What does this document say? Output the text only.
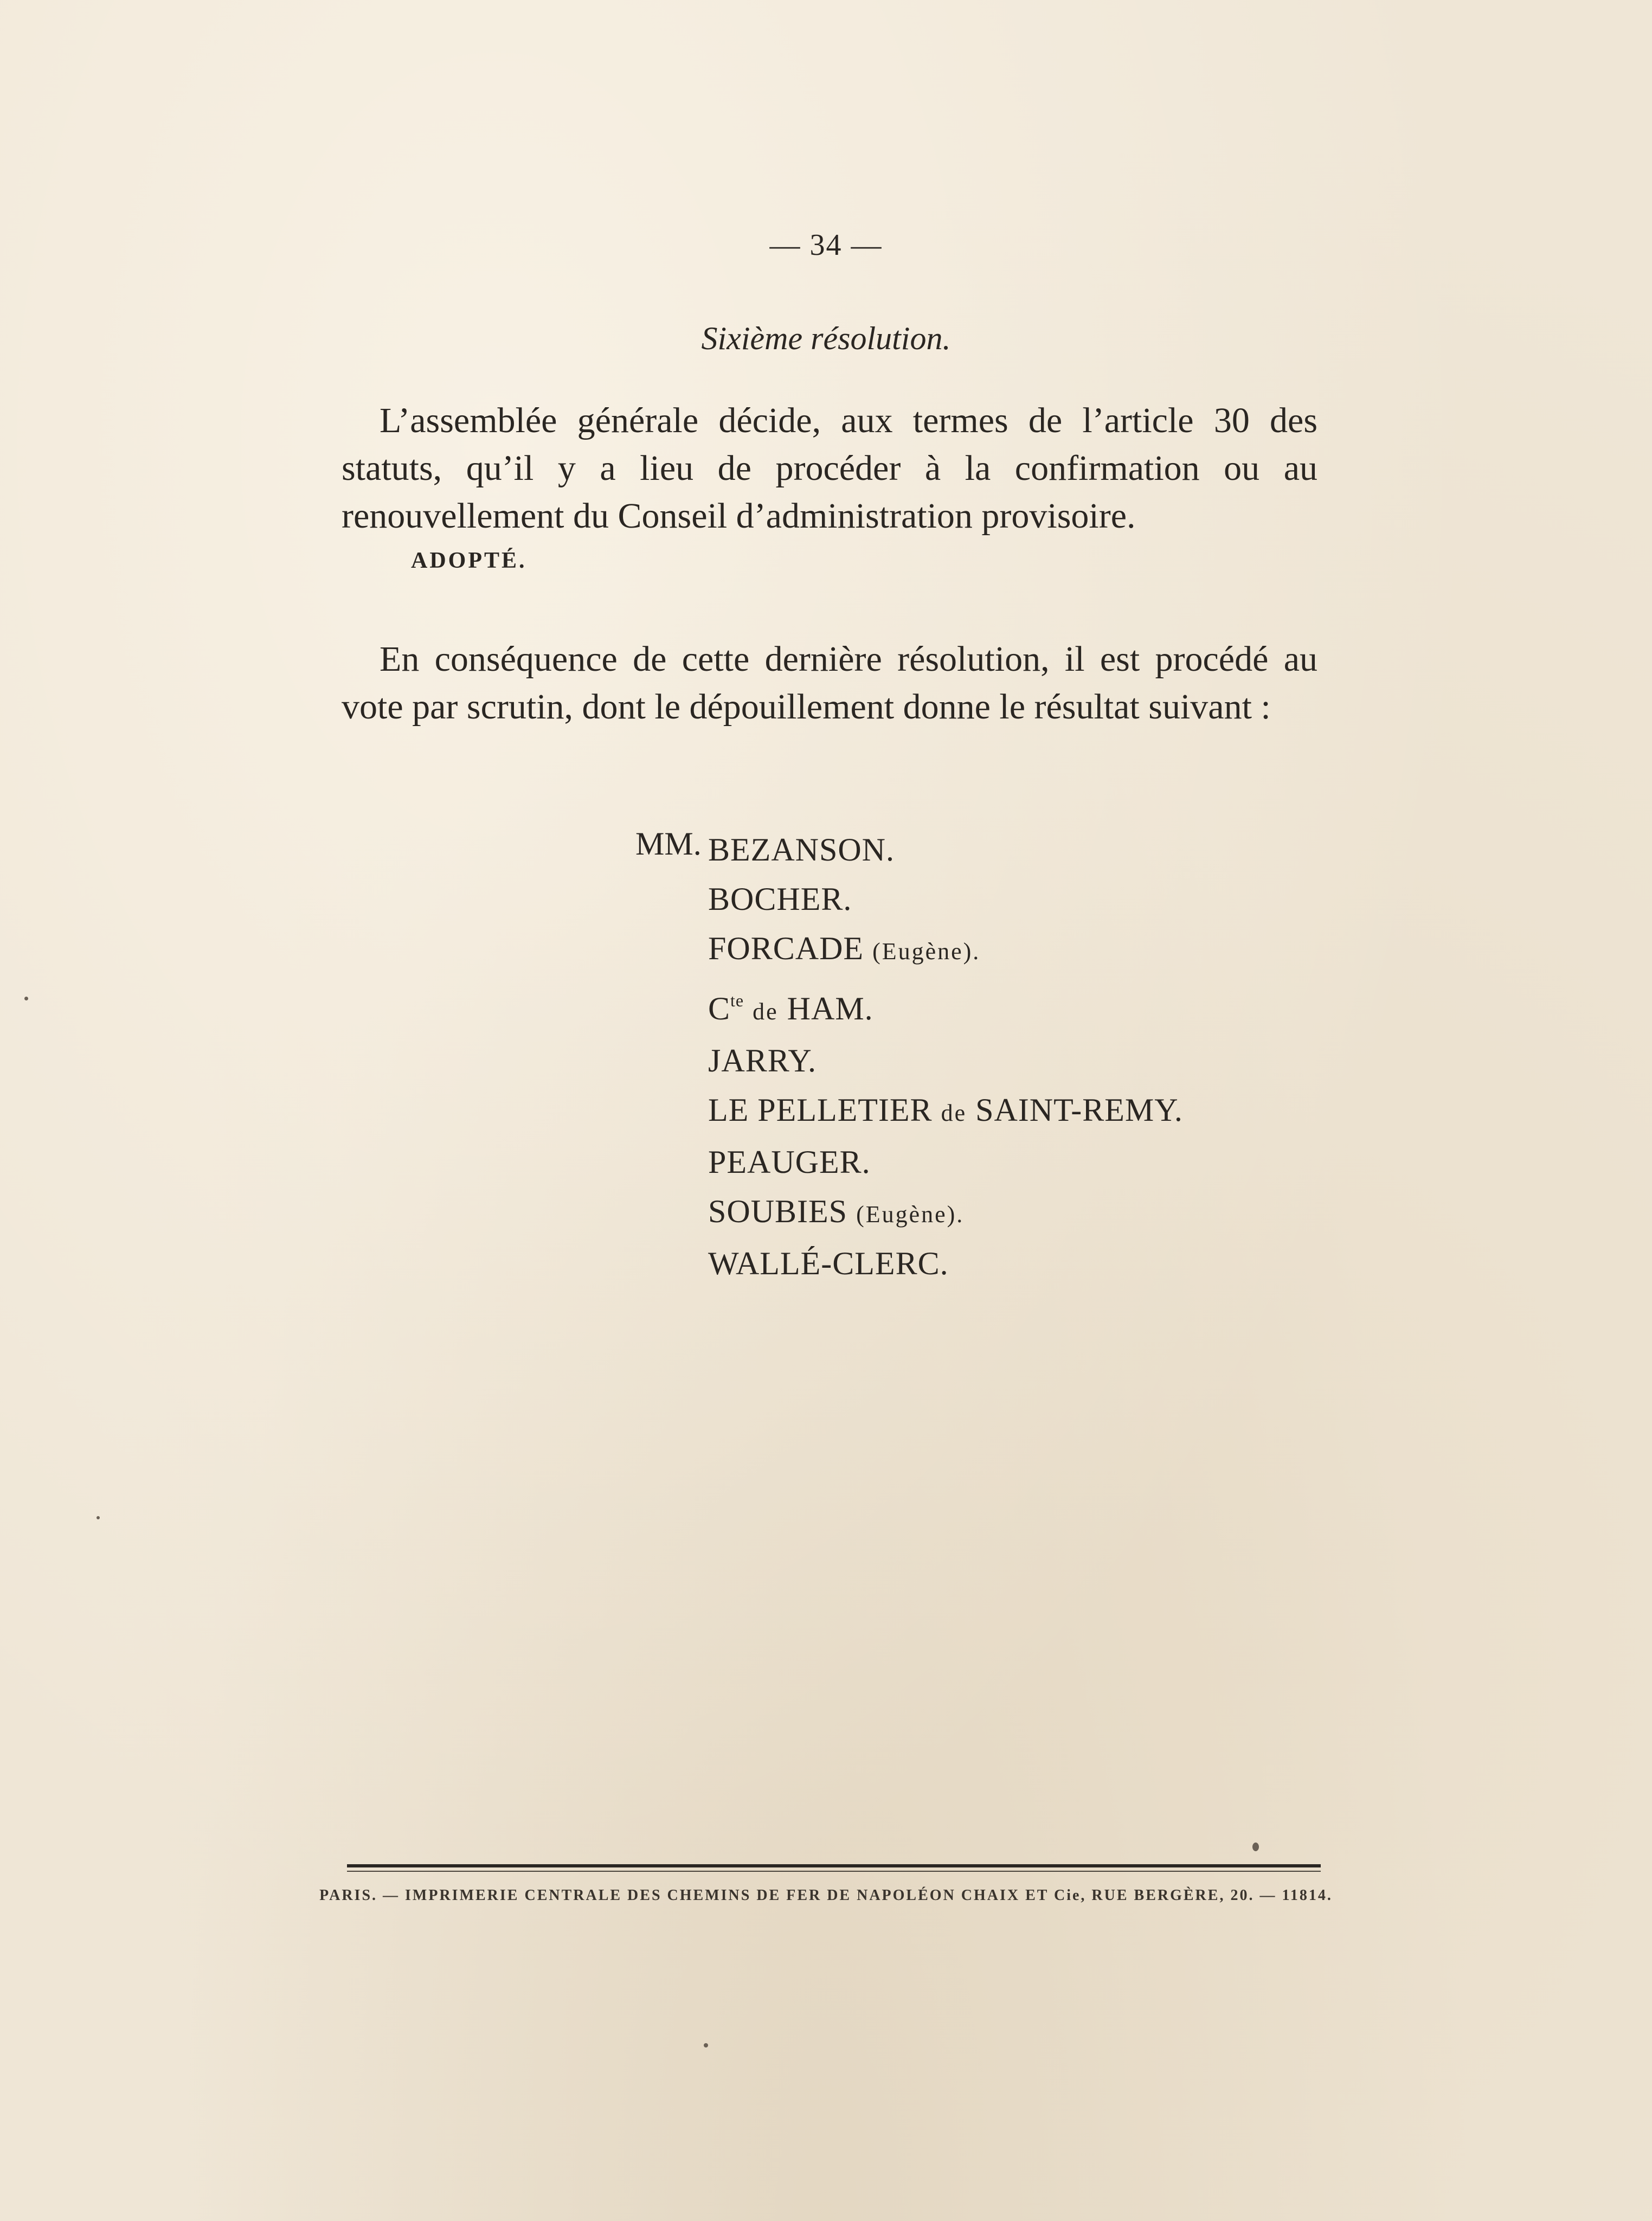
— 34 —
Sixième résolution.

L’assemblée générale décide, aux termes de l’article 30 des statuts, qu’il y a lieu de procéder à la confirmation ou au renouvellement du Conseil d’administration provisoire.

ADOPTÉ.

En conséquence de cette dernière résolution, il est procédé au vote par scrutin, dont le dépouillement donne le résultat suivant :

MM. BEZANSON.
BOCHER.
FORCADE (Eugène).
$C^{te}$ de HAM.
JARRY.
LE PELLETIER de SAINT-REMY.
PEAUGER.
SOUBIES (Eugène).
WALLÉ-CLERC.
PARIS. — IMPRIMERIE CENTRALE DES CHEMINS DE FER DE NAPOLÉON CHAIX ET Cie, RUE BERGÈRE, 20. — 11814.
